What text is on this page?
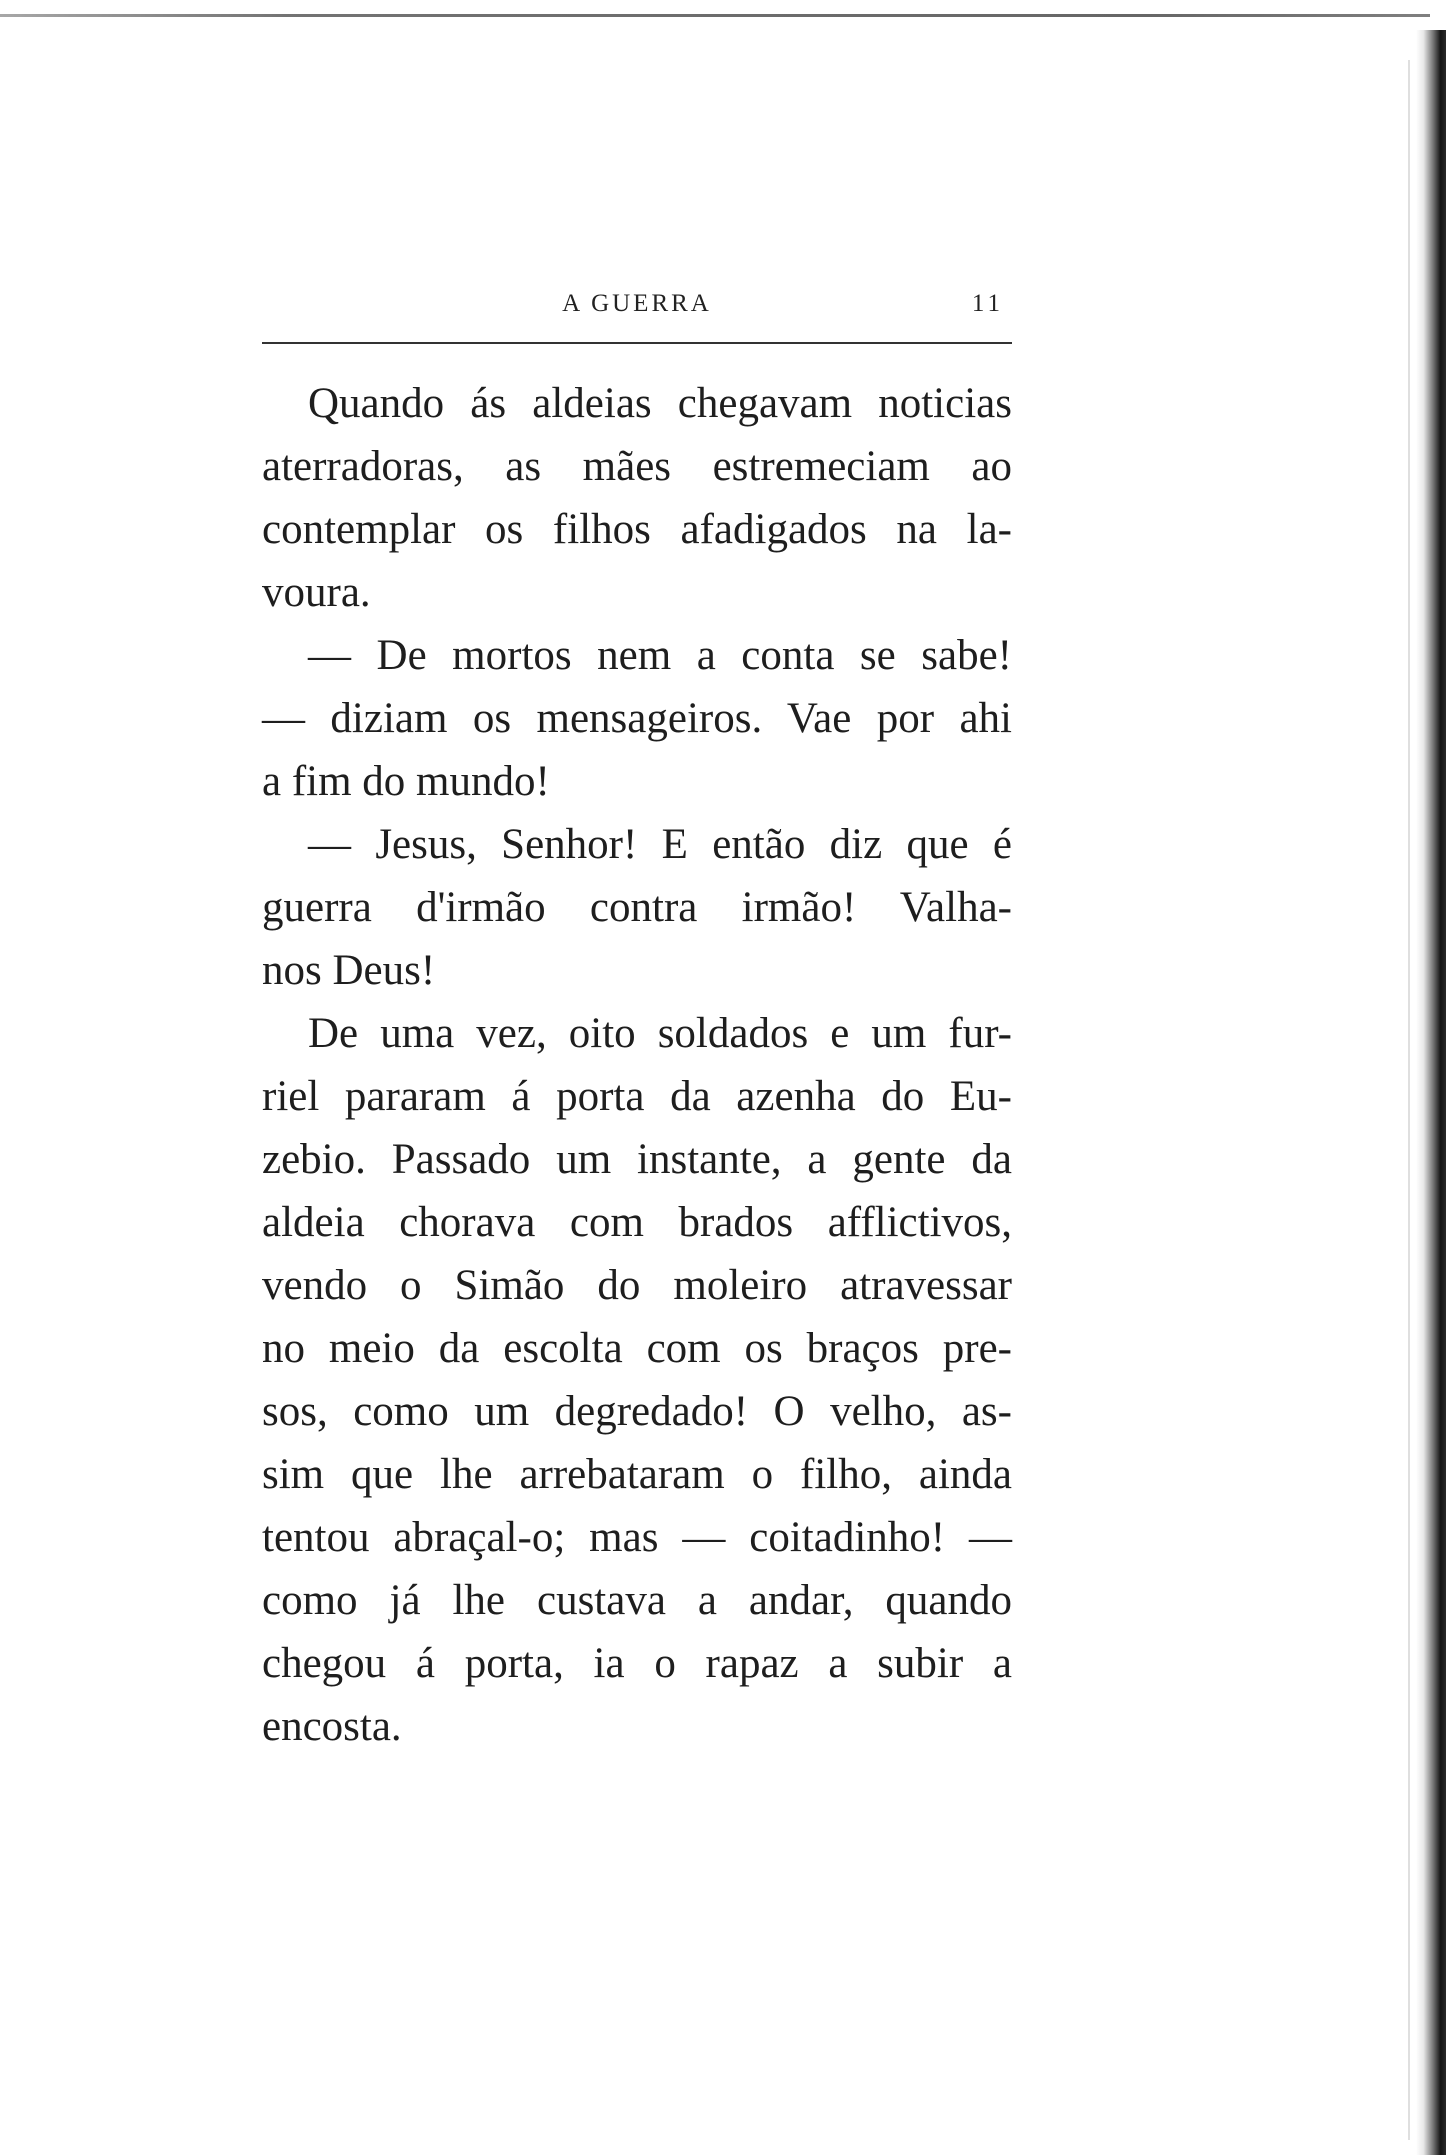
A GUERRA	11
Quando ás aldeias chegavam noticias
aterradoras, as mães estremeciam ao
contemplar os filhos afadigados na la-
voura.
— De mortos nem a conta se sabe!
— diziam os mensageiros. Vae por ahi
a fim do mundo!
— Jesus, Senhor! E então diz que é
guerra d'irmão contra irmão! Valha-
nos Deus!
De uma vez, oito soldados e um fur-
riel pararam á porta da azenha do Eu-
zebio. Passado um instante, a gente da
aldeia chorava com brados afflictivos,
vendo o Simão do moleiro atravessar
no meio da escolta com os braços pre-
sos, como um degredado! O velho, as-
sim que lhe arrebataram o filho, ainda
tentou abraçal-o; mas — coitadinho! —
como já lhe custava a andar, quando
chegou á porta, ia o rapaz a subir a
encosta.
